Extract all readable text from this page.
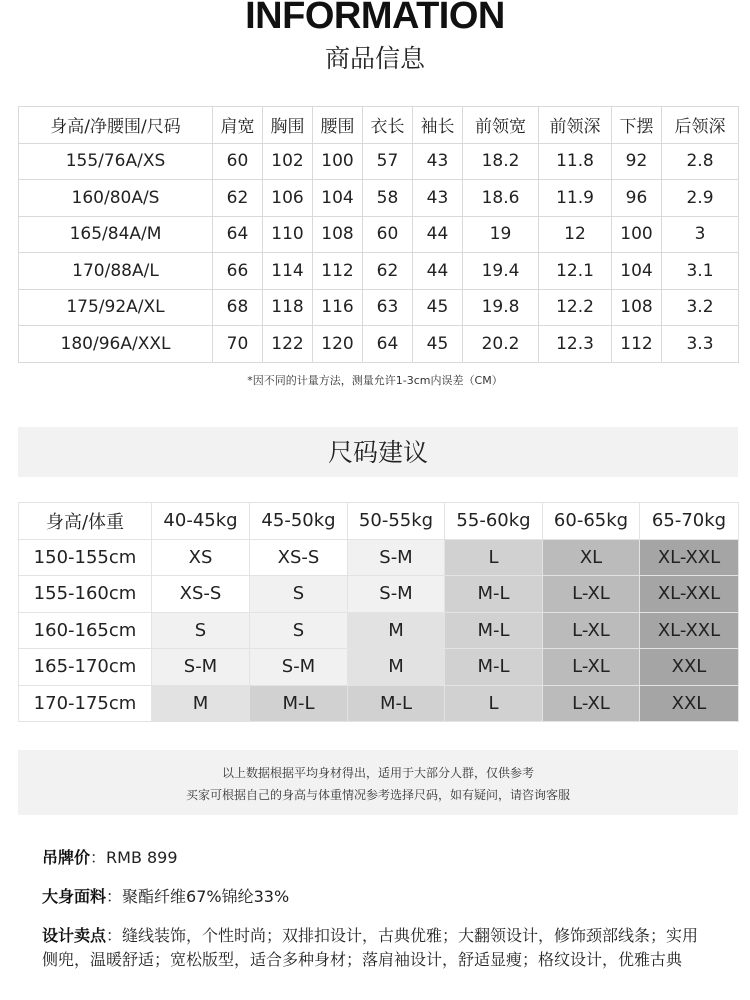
INFORMATION
商品信息
身高/净腰围/尺码	肩宽	胸围	腰围	衣长	袖长	前领宽	前领深	下摆	后领深
155/76A/XS	60	102	100	57	43	18.2	11.8	92	2.8
160/80A/S	62	106	104	58	43	18.6	11.9	96	2.9
165/84A/M	64	110	108	60	44	19	12	100	3
170/88A/L	66	114	112	62	44	19.4	12.1	104	3.1
175/92A/XL	68	118	116	63	45	19.8	12.2	108	3.2
180/96A/XXL	70	122	120	64	45	20.2	12.3	112	3.3
*因不同的计量方法，测量允许1-3cm内误差（CM）
尺码建议
身高/体重	40-45kg	45-50kg	50-55kg	55-60kg	60-65kg	65-70kg
150-155cm	XS	XS-S	S-M	L	XL	XL-XXL
155-160cm	XS-S	S	S-M	M-L	L-XL	XL-XXL
160-165cm	S	S	M	M-L	L-XL	XL-XXL
165-170cm	S-M	S-M	M	M-L	L-XL	XXL
170-175cm	M	M-L	M-L	L	L-XL	XXL
以上数据根据平均身材得出，适用于大部分人群，仅供参考
买家可根据自己的身高与体重情况参考选择尺码，如有疑问，请咨询客服
吊牌价：RMB 899
大身面料：聚酯纤维67%锦纶33%
设计卖点：缝线装饰，个性时尚；双排扣设计，古典优雅；大翻领设计，修饰颈部线条；实用侧兜，温暖舒适；宽松版型，适合多种身材；落肩袖设计，舒适显瘦；格纹设计，优雅古典
